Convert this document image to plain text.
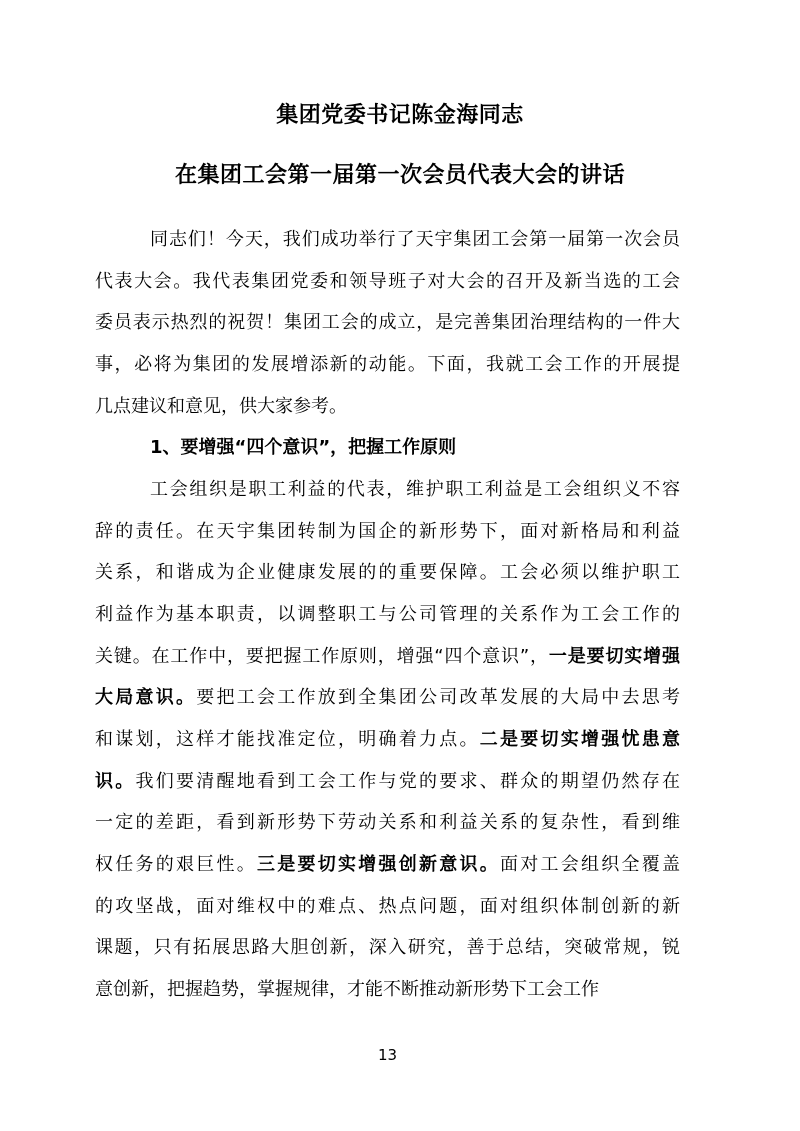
集团党委书记陈金海同志
在集团工会第一届第一次会员代表大会的讲话
同志们！今天，我们成功举行了天宇集团工会第一届第一次会员
代表大会。我代表集团党委和领导班子对大会的召开及新当选的工会
委员表示热烈的祝贺！集团工会的成立，是完善集团治理结构的一件大
事，必将为集团的发展增添新的动能。下面，我就工会工作的开展提
几点建议和意见，供大家参考。
1、要增强“四个意识”，把握工作原则
工会组织是职工利益的代表，维护职工利益是工会组织义不容
辞的责任。在天宇集团转制为国企的新形势下，面对新格局和利益
关系，和谐成为企业健康发展的的重要保障。工会必须以维护职工
利益作为基本职责，以调整职工与公司管理的关系作为工会工作的
关键。在工作中，要把握工作原则，增强“四个意识”，一是要切实增强
大局意识。要把工会工作放到全集团公司改革发展的大局中去思考
和谋划，这样才能找准定位，明确着力点。二是要切实增强忧患意
识。我们要清醒地看到工会工作与党的要求、群众的期望仍然存在
一定的差距，看到新形势下劳动关系和利益关系的复杂性，看到维
权任务的艰巨性。三是要切实增强创新意识。面对工会组织全覆盖
的攻坚战，面对维权中的难点、热点问题，面对组织体制创新的新
课题，只有拓展思路大胆创新，深入研究，善于总结，突破常规，锐
意创新，把握趋势，掌握规律，才能不断推动新形势下工会工作
13
